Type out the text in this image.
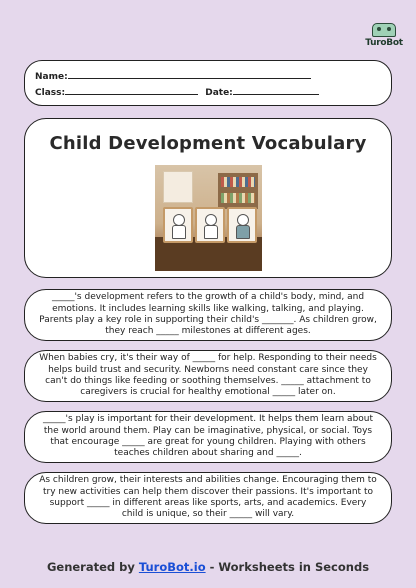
TuroBot
Name:
Class:	Date:
Child Development Vocabulary
_____'s development refers to the growth of a child's body, mind, and emotions. It includes learning skills like walking, talking, and playing. Parents play a key role in supporting their child's _______. As children grow, they reach _____ milestones at different ages.
When babies cry, it's their way of _____ for help. Responding to their needs helps build trust and security. Newborns need constant care since they can't do things like feeding or soothing themselves. _____ attachment to caregivers is crucial for healthy emotional _____ later on.
_____'s play is important for their development. It helps them learn about the world around them. Play can be imaginative, physical, or social. Toys that encourage _____ are great for young children. Playing with others teaches children about sharing and _____.
As children grow, their interests and abilities change. Encouraging them to try new activities can help them discover their passions. It's important to support _____ in different areas like sports, arts, and academics. Every child is unique, so their _____ will vary.
Generated by TuroBot.io - Worksheets in Seconds
